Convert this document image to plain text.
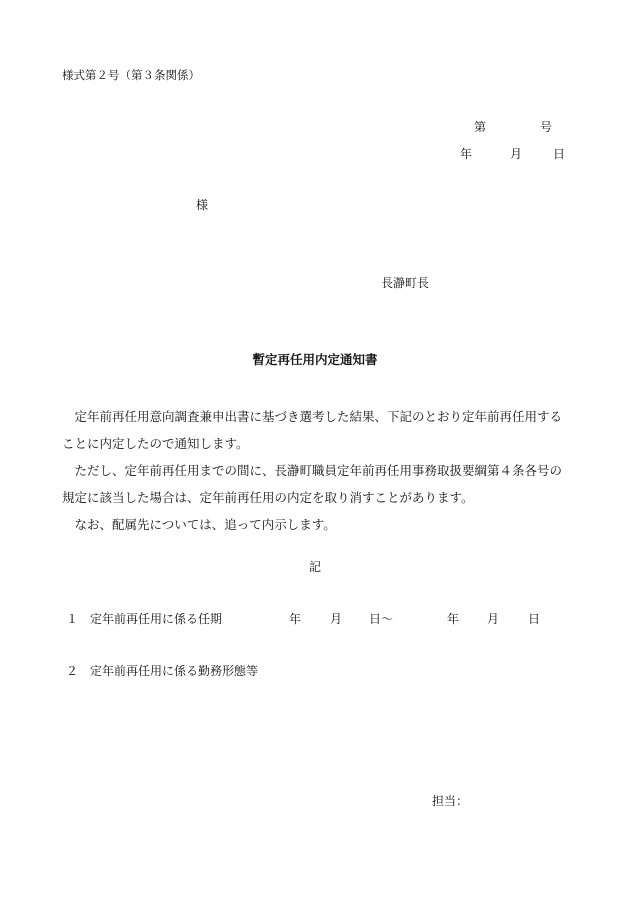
様式第２号（第３条関係）
第	号
年	月	日
様
長瀞町長
暫定再任用内定通知書

定年前再任用意向調査兼申出書に基づき選考した結果、下記のとおり定年前再任用することに内定したので通知します。

ただし、定年前再任用までの間に、長瀞町職員定年前再任用事務取扱要綱第４条各号の規定に該当した場合は、定年前再任用の内定を取り消すことがあります。

なお、配属先については、追って内示します。

記
１ 定年前再任用に係る任期	年 月 日～	年 月 日
２ 定年前再任用に係る勤務形態等
担当：
